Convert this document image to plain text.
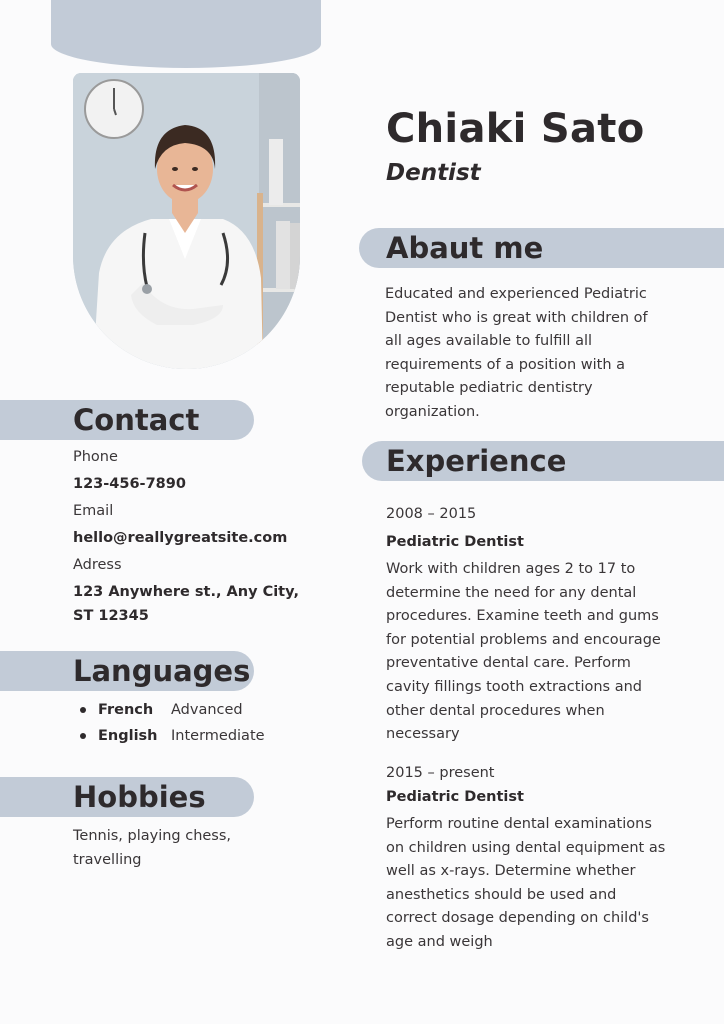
Chiaki Sato
Dentist
Contact
Phone
123-456-7890
Email
hello@reallygreatsite.com
Adress
123 Anywhere st., Any City,
ST 12345
Languages
French	Advanced
English Intermediate
Hobbies
Tennis, playing chess,
travelling
Abaut me
Educated and experienced Pediatric
Dentist who is great with children of
all ages available to fulfill all
requirements of a position with a
reputable pediatric dentistry
organization.
Experience
2008 – 2015
Pediatric Dentist
Work with children ages 2 to 17 to
determine the need for any dental
procedures. Examine teeth and gums
for potential problems and encourage
preventative dental care. Perform
cavity fillings tooth extractions and
other dental procedures when
necessary
2015 – present
Pediatric Dentist
Perform routine dental examinations
on children using dental equipment as
well as x-rays. Determine whether
anesthetics should be used and
correct dosage depending on child's
age and weigh
